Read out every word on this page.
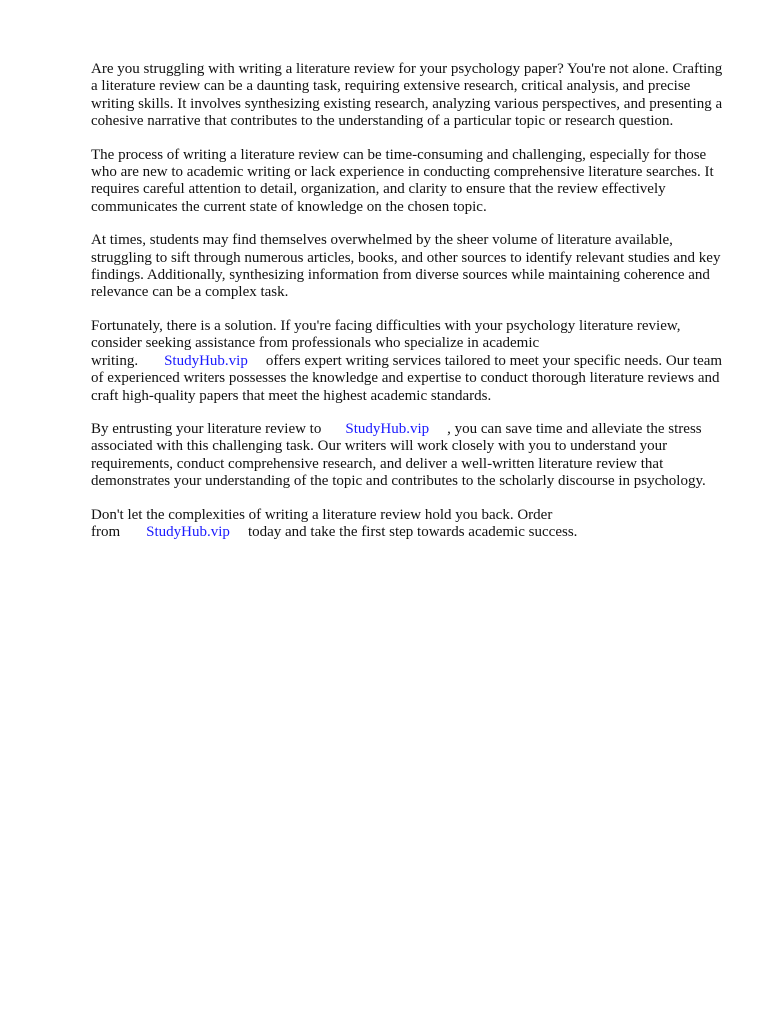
Are you struggling with writing a literature review for your psychology paper? You're not alone. Crafting a literature review can be a daunting task, requiring extensive research, critical analysis, and precise writing skills. It involves synthesizing existing research, analyzing various perspectives, and presenting a cohesive narrative that contributes to the understanding of a particular topic or research question.

The process of writing a literature review can be time-consuming and challenging, especially for those who are new to academic writing or lack experience in conducting comprehensive literature searches. It requires careful attention to detail, organization, and clarity to ensure that the review effectively communicates the current state of knowledge on the chosen topic.

At times, students may find themselves overwhelmed by the sheer volume of literature available, struggling to sift through numerous articles, books, and other sources to identify relevant studies and key findings. Additionally, synthesizing information from diverse sources while maintaining coherence and relevance can be a complex task.

Fortunately, there is a solution. If you're facing difficulties with your psychology literature review, consider seeking assistance from professionals who specialize in academic writing. StudyHub.vip offers expert writing services tailored to meet your specific needs. Our team of experienced writers possesses the knowledge and expertise to conduct thorough literature reviews and craft high-quality papers that meet the highest academic standards.

By entrusting your literature review to StudyHub.vip , you can save time and alleviate the stress associated with this challenging task. Our writers will work closely with you to understand your requirements, conduct comprehensive research, and deliver a well-written literature review that demonstrates your understanding of the topic and contributes to the scholarly discourse in psychology.

Don't let the complexities of writing a literature review hold you back. Order from StudyHub.vip today and take the first step towards academic success.
